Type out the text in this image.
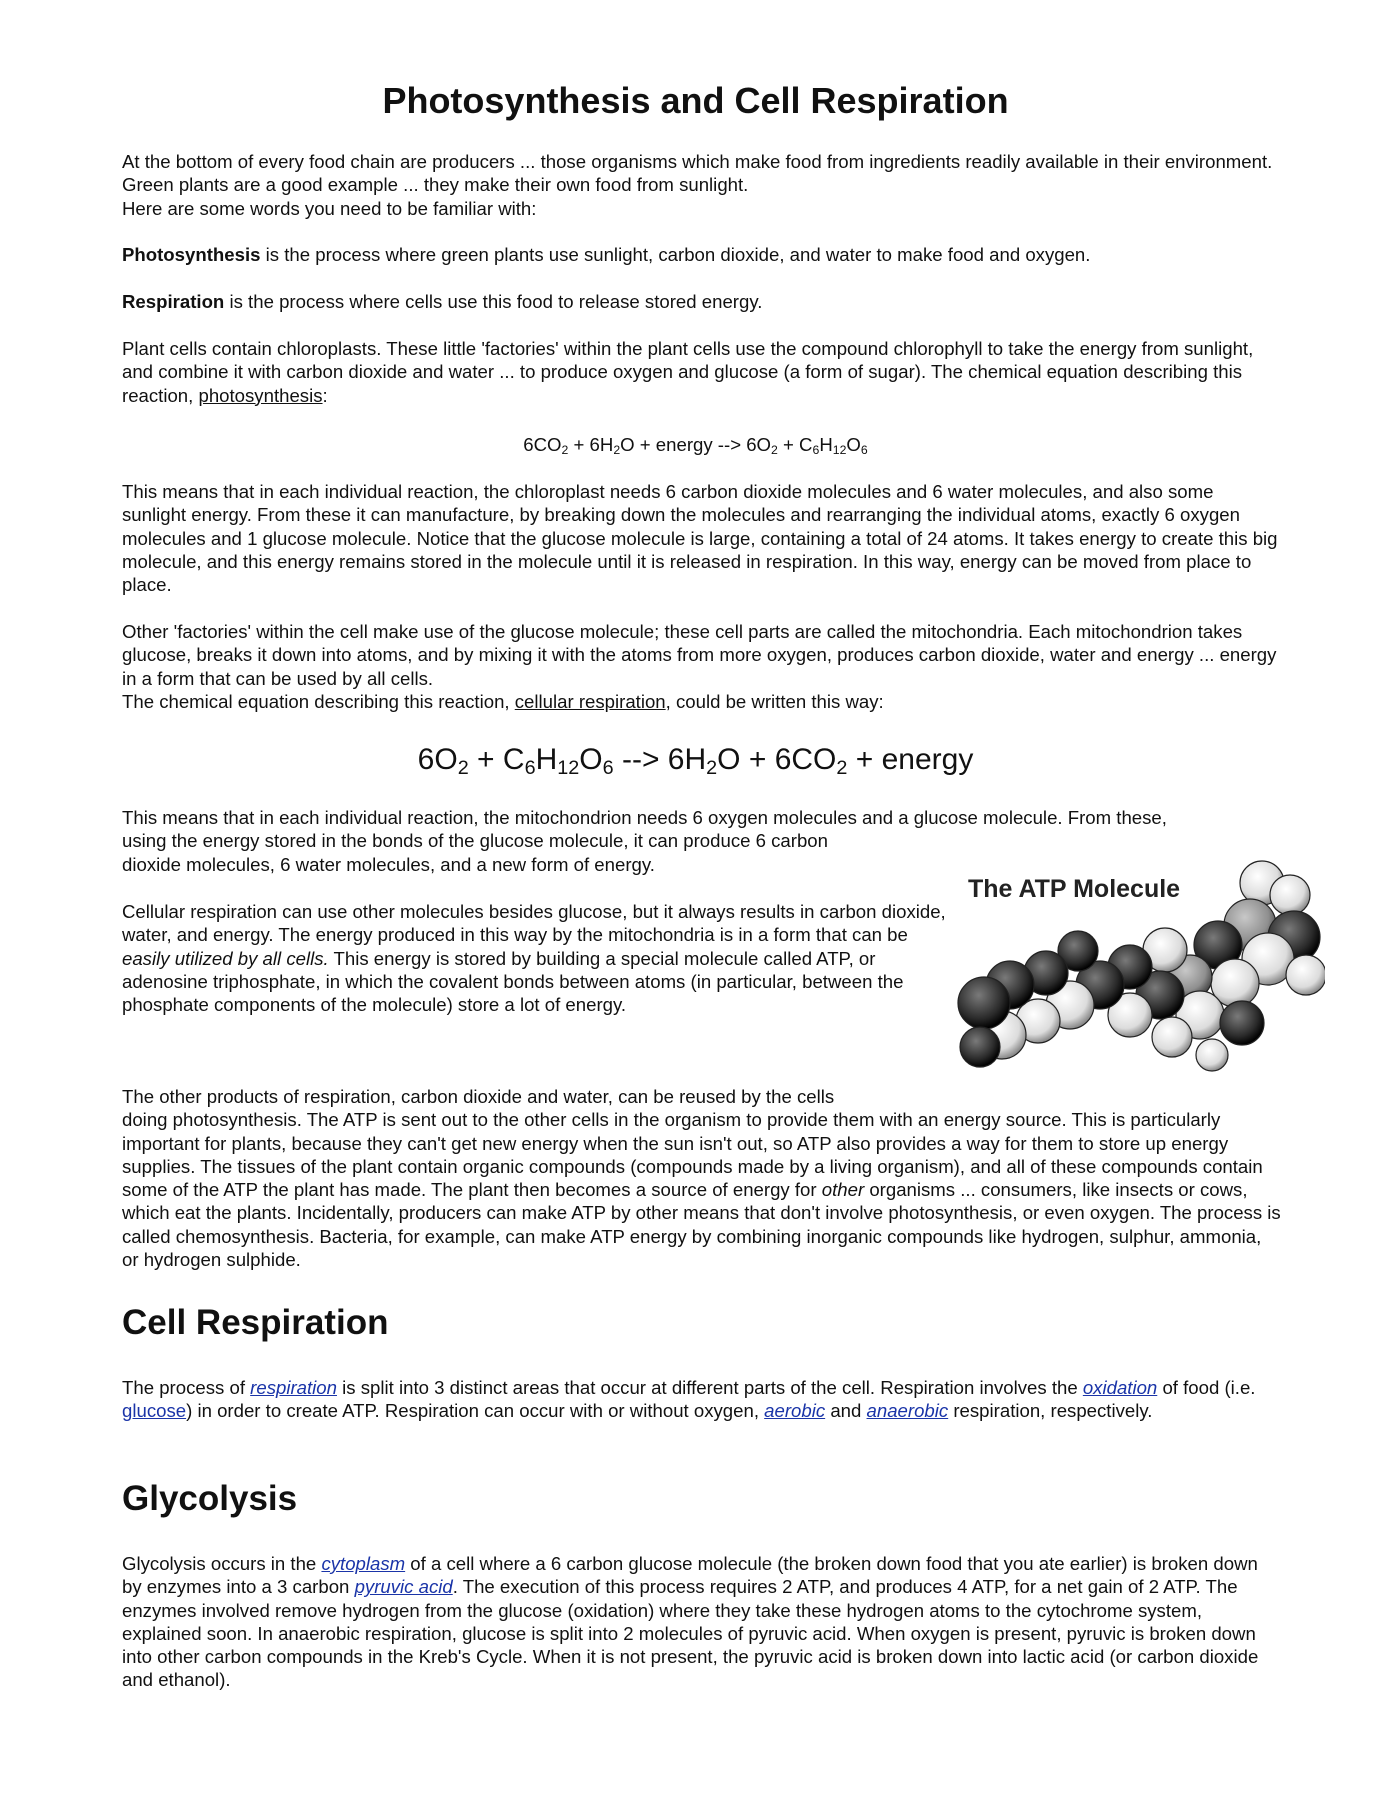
Photosynthesis and Cell Respiration

At the bottom of every food chain are producers ... those organisms which make food from ingredients readily available in their environment. Green plants are a good example ... they make their own food from sunlight.
Here are some words you need to be familiar with:

Photosynthesis is the process where green plants use sunlight, carbon dioxide, and water to make food and oxygen.

Respiration is the process where cells use this food to release stored energy.

Plant cells contain chloroplasts. These little 'factories' within the plant cells use the compound chlorophyll to take the energy from sunlight, and combine it with carbon dioxide and water ... to produce oxygen and glucose (a form of sugar). The chemical equation describing this reaction, photosynthesis:

$6CO_2 + 6H_2O$ + energy --> $6O_2 + C_6H_{12}O_6$

This means that in each individual reaction, the chloroplast needs 6 carbon dioxide molecules and 6 water molecules, and also some sunlight energy. From these it can manufacture, by breaking down the molecules and rearranging the individual atoms, exactly 6 oxygen molecules and 1 glucose molecule. Notice that the glucose molecule is large, containing a total of 24 atoms. It takes energy to create this big molecule, and this energy remains stored in the molecule until it is released in respiration. In this way, energy can be moved from place to place.

Other 'factories' within the cell make use of the glucose molecule; these cell parts are called the mitochondria. Each mitochondrion takes glucose, breaks it down into atoms, and by mixing it with the atoms from more oxygen, produces carbon dioxide, water and energy ... energy in a form that can be used by all cells.
The chemical equation describing this reaction, cellular respiration, could be written this way:

$6O_2 + C_6H_{12}O_6$ --> $6H_2O + 6CO_2$ + energy

This means that in each individual reaction, the mitochondrion needs 6 oxygen molecules and a glucose molecule. From these,
using the energy stored in the bonds of the glucose molecule, it can produce 6 carbon
dioxide molecules, 6 water molecules, and a new form of energy.

Cellular respiration can use other molecules besides glucose, but it always results in carbon dioxide, water, and energy. The energy produced in this way by the mitochondria is in a form that can be easily utilized by all cells. This energy is stored by building a special molecule called ATP, or adenosine triphosphate, in which the covalent bonds between atoms (in particular, between the phosphate components of the molecule) store a lot of energy.

The ATP Molecule

The other products of respiration, carbon dioxide and water, can be reused by the cells
doing photosynthesis. The ATP is sent out to the other cells in the organism to provide them with an energy source. This is particularly important for plants, because they can't get new energy when the sun isn't out, so ATP also provides a way for them to store up energy supplies. The tissues of the plant contain organic compounds (compounds made by a living organism), and all of these compounds contain some of the ATP the plant has made. The plant then becomes a source of energy for other organisms ... consumers, like insects or cows, which eat the plants. Incidentally, producers can make ATP by other means that don't involve photosynthesis, or even oxygen. The process is called chemosynthesis. Bacteria, for example, can make ATP energy by combining inorganic compounds like hydrogen, sulphur, ammonia, or hydrogen sulphide.

Cell Respiration

The process of respiration is split into 3 distinct areas that occur at different parts of the cell. Respiration involves the oxidation of food (i.e. glucose) in order to create ATP. Respiration can occur with or without oxygen, aerobic and anaerobic respiration, respectively.

Glycolysis

Glycolysis occurs in the cytoplasm of a cell where a 6 carbon glucose molecule (the broken down food that you ate earlier) is broken down by enzymes into a 3 carbon pyruvic acid. The execution of this process requires 2 ATP, and produces 4 ATP, for a net gain of 2 ATP. The enzymes involved remove hydrogen from the glucose (oxidation) where they take these hydrogen atoms to the cytochrome system, explained soon. In anaerobic respiration, glucose is split into 2 molecules of pyruvic acid. When oxygen is present, pyruvic is broken down into other carbon compounds in the Kreb's Cycle. When it is not present, the pyruvic acid is broken down into lactic acid (or carbon dioxide and ethanol).
